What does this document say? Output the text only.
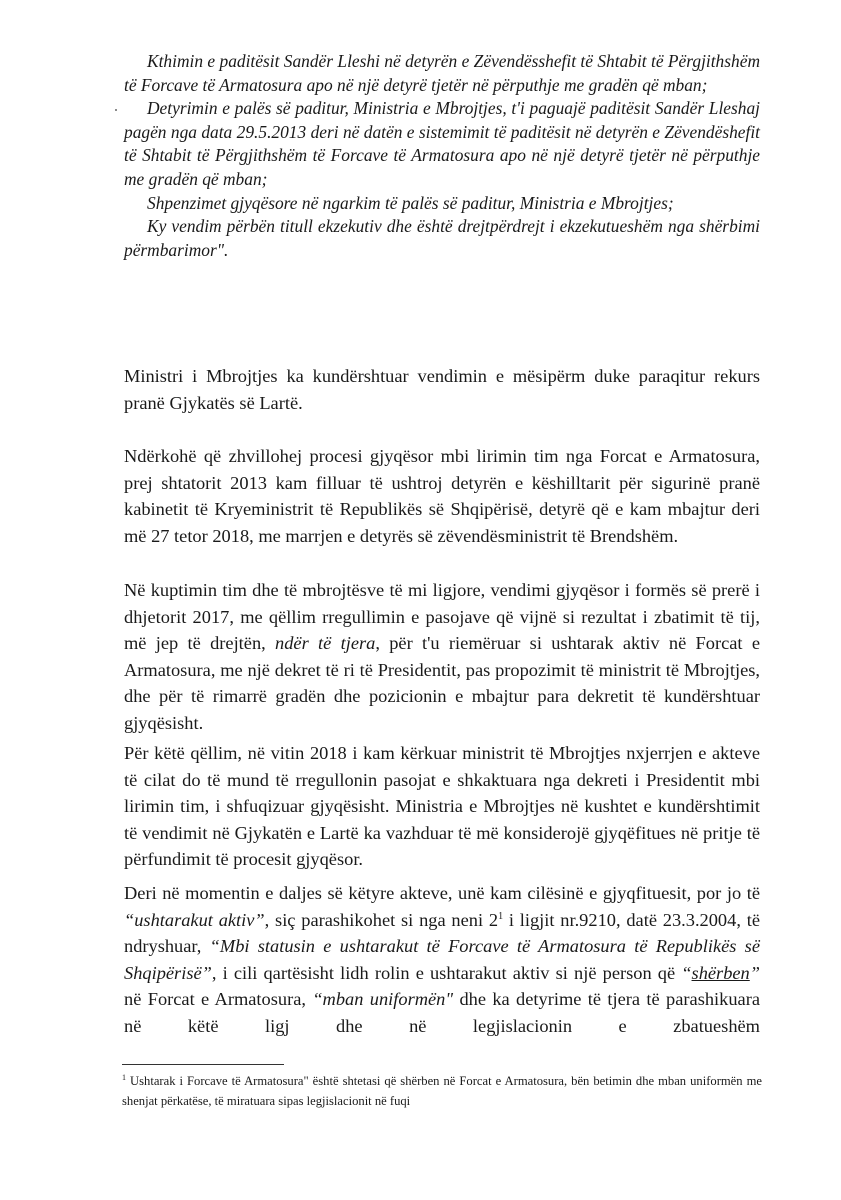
Kthimin e paditësit Sandër Lleshi në detyrën e Zëvendësshefit të Shtabit të Përgjithshëm të Forcave të Armatosura apo në një detyrë tjetër në përputhje me gradën që mban;

Detyrimin e palës së paditur, Ministria e Mbrojtjes, t'i paguajë paditësit Sandër Lleshaj pagën nga data 29.5.2013 deri në datën e sistemimit të paditësit në detyrën e Zëvendëshefit të Shtabit të Përgjithshëm të Forcave të Armatosura apo në një detyrë tjetër në përputhje me gradën që mban;

Shpenzimet gjyqësore në ngarkim të palës së paditur, Ministria e Mbrojtjes;

Ky vendim përbën titull ekzekutiv dhe është drejtpërdrejt i ekzekutueshëm nga shërbimi përmbarimor".

Ministri i Mbrojtjes ka kundërshtuar vendimin e mësipërm duke paraqitur rekurs pranë Gjykatës së Lartë.

Ndërkohë që zhvillohej procesi gjyqësor mbi lirimin tim nga Forcat e Armatosura, prej shtatorit 2013 kam filluar të ushtroj detyrën e këshilltarit për sigurinë pranë kabinetit të Kryeministrit të Republikës së Shqipërisë, detyrë që e kam mbajtur deri më 27 tetor 2018, me marrjen e detyrës së zëvendësministrit të Brendshëm.

Në kuptimin tim dhe të mbrojtësve të mi ligjore, vendimi gjyqësor i formës së prerë i dhjetorit 2017, me qëllim rregullimin e pasojave që vijnë si rezultat i zbatimit të tij, më jep të drejtën, ndër të tjera, për t'u riemëruar si ushtarak aktiv në Forcat e Armatosura, me një dekret të ri të Presidentit, pas propozimit të ministrit të Mbrojtjes, dhe për të rimarrë gradën dhe pozicionin e mbajtur para dekretit të kundërshtuar gjyqësisht.

Për këtë qëllim, në vitin 2018 i kam kërkuar ministrit të Mbrojtjes nxjerrjen e akteve të cilat do të mund të rregullonin pasojat e shkaktuara nga dekreti i Presidentit mbi lirimin tim, i shfuqizuar gjyqësisht. Ministria e Mbrojtjes në kushtet e kundërshtimit të vendimit në Gjykatën e Lartë ka vazhduar të më konsiderojë gjyqëfitues në pritje të përfundimit të procesit gjyqësor.

Deri në momentin e daljes së këtyre akteve, unë kam cilësinë e gjyqfituesit, por jo të “ushtarakut aktiv”, siç parashikohet si nga neni $2^1$ i ligjit nr.9210, datë 23.3.2004, të ndryshuar, “Mbi statusin e ushtarakut të Forcave të Armatosura të Republikës së Shqipërisë”, i cili qartësisht lidh rolin e ushtarakut aktiv si një person që “shërben” në Forcat e Armatosura, “mban uniformën" dhe ka detyrime të tjera të parashikuara në këtë ligj dhe në legjislacionin e zbatueshëm

$^1$ Ushtarak i Forcave të Armatosura" është shtetasi që shërben në Forcat e Armatosura, bën betimin dhe mban uniformën me shenjat përkatëse, të miratuara sipas legjislacionit në fuqi
